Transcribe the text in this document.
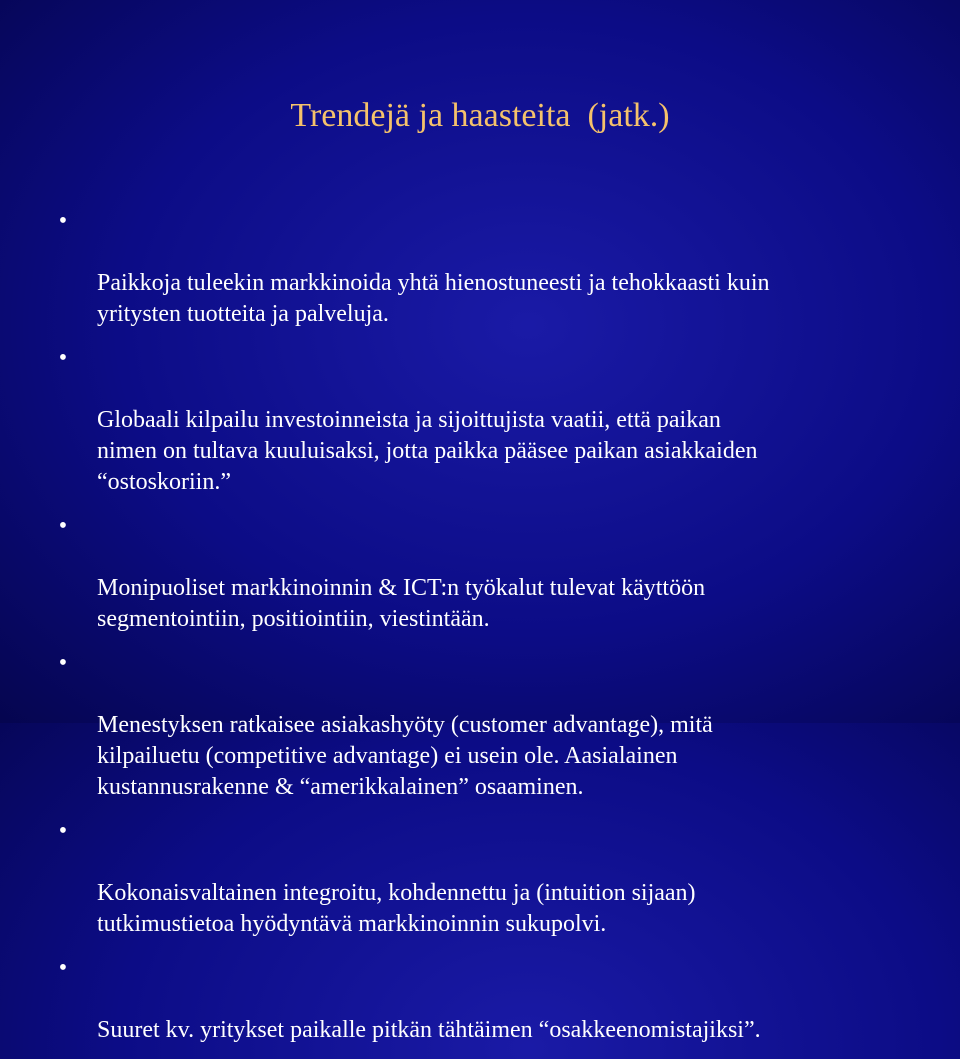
Trendejä ja haasteita  (jatk.)

•

Paikkoja tuleekin markkinoida yhtä hienostuneesti ja tehokkaasti kuin
yritysten tuotteita ja palveluja.

•

Globaali kilpailu investoinneista ja sijoittujista vaatii, että paikan
nimen on tultava kuuluisaksi, jotta paikka pääsee paikan asiakkaiden
“ostoskoriin.”

•

Monipuoliset markkinoinnin & ICT:n työkalut tulevat käyttöön
segmentointiin, positiointiin, viestintään.

•

Menestyksen ratkaisee asiakashyöty (customer advantage), mitä
kilpailuetu (competitive advantage) ei usein ole. Aasialainen
kustannusrakenne & “amerikkalainen” osaaminen.

•

Kokonaisvaltainen integroitu, kohdennettu ja (intuition sijaan)
tutkimustietoa hyödyntävä markkinoinnin sukupolvi.

•

Suuret kv. yritykset paikalle pitkän tähtäimen “osakkeenomistajiksi”.
